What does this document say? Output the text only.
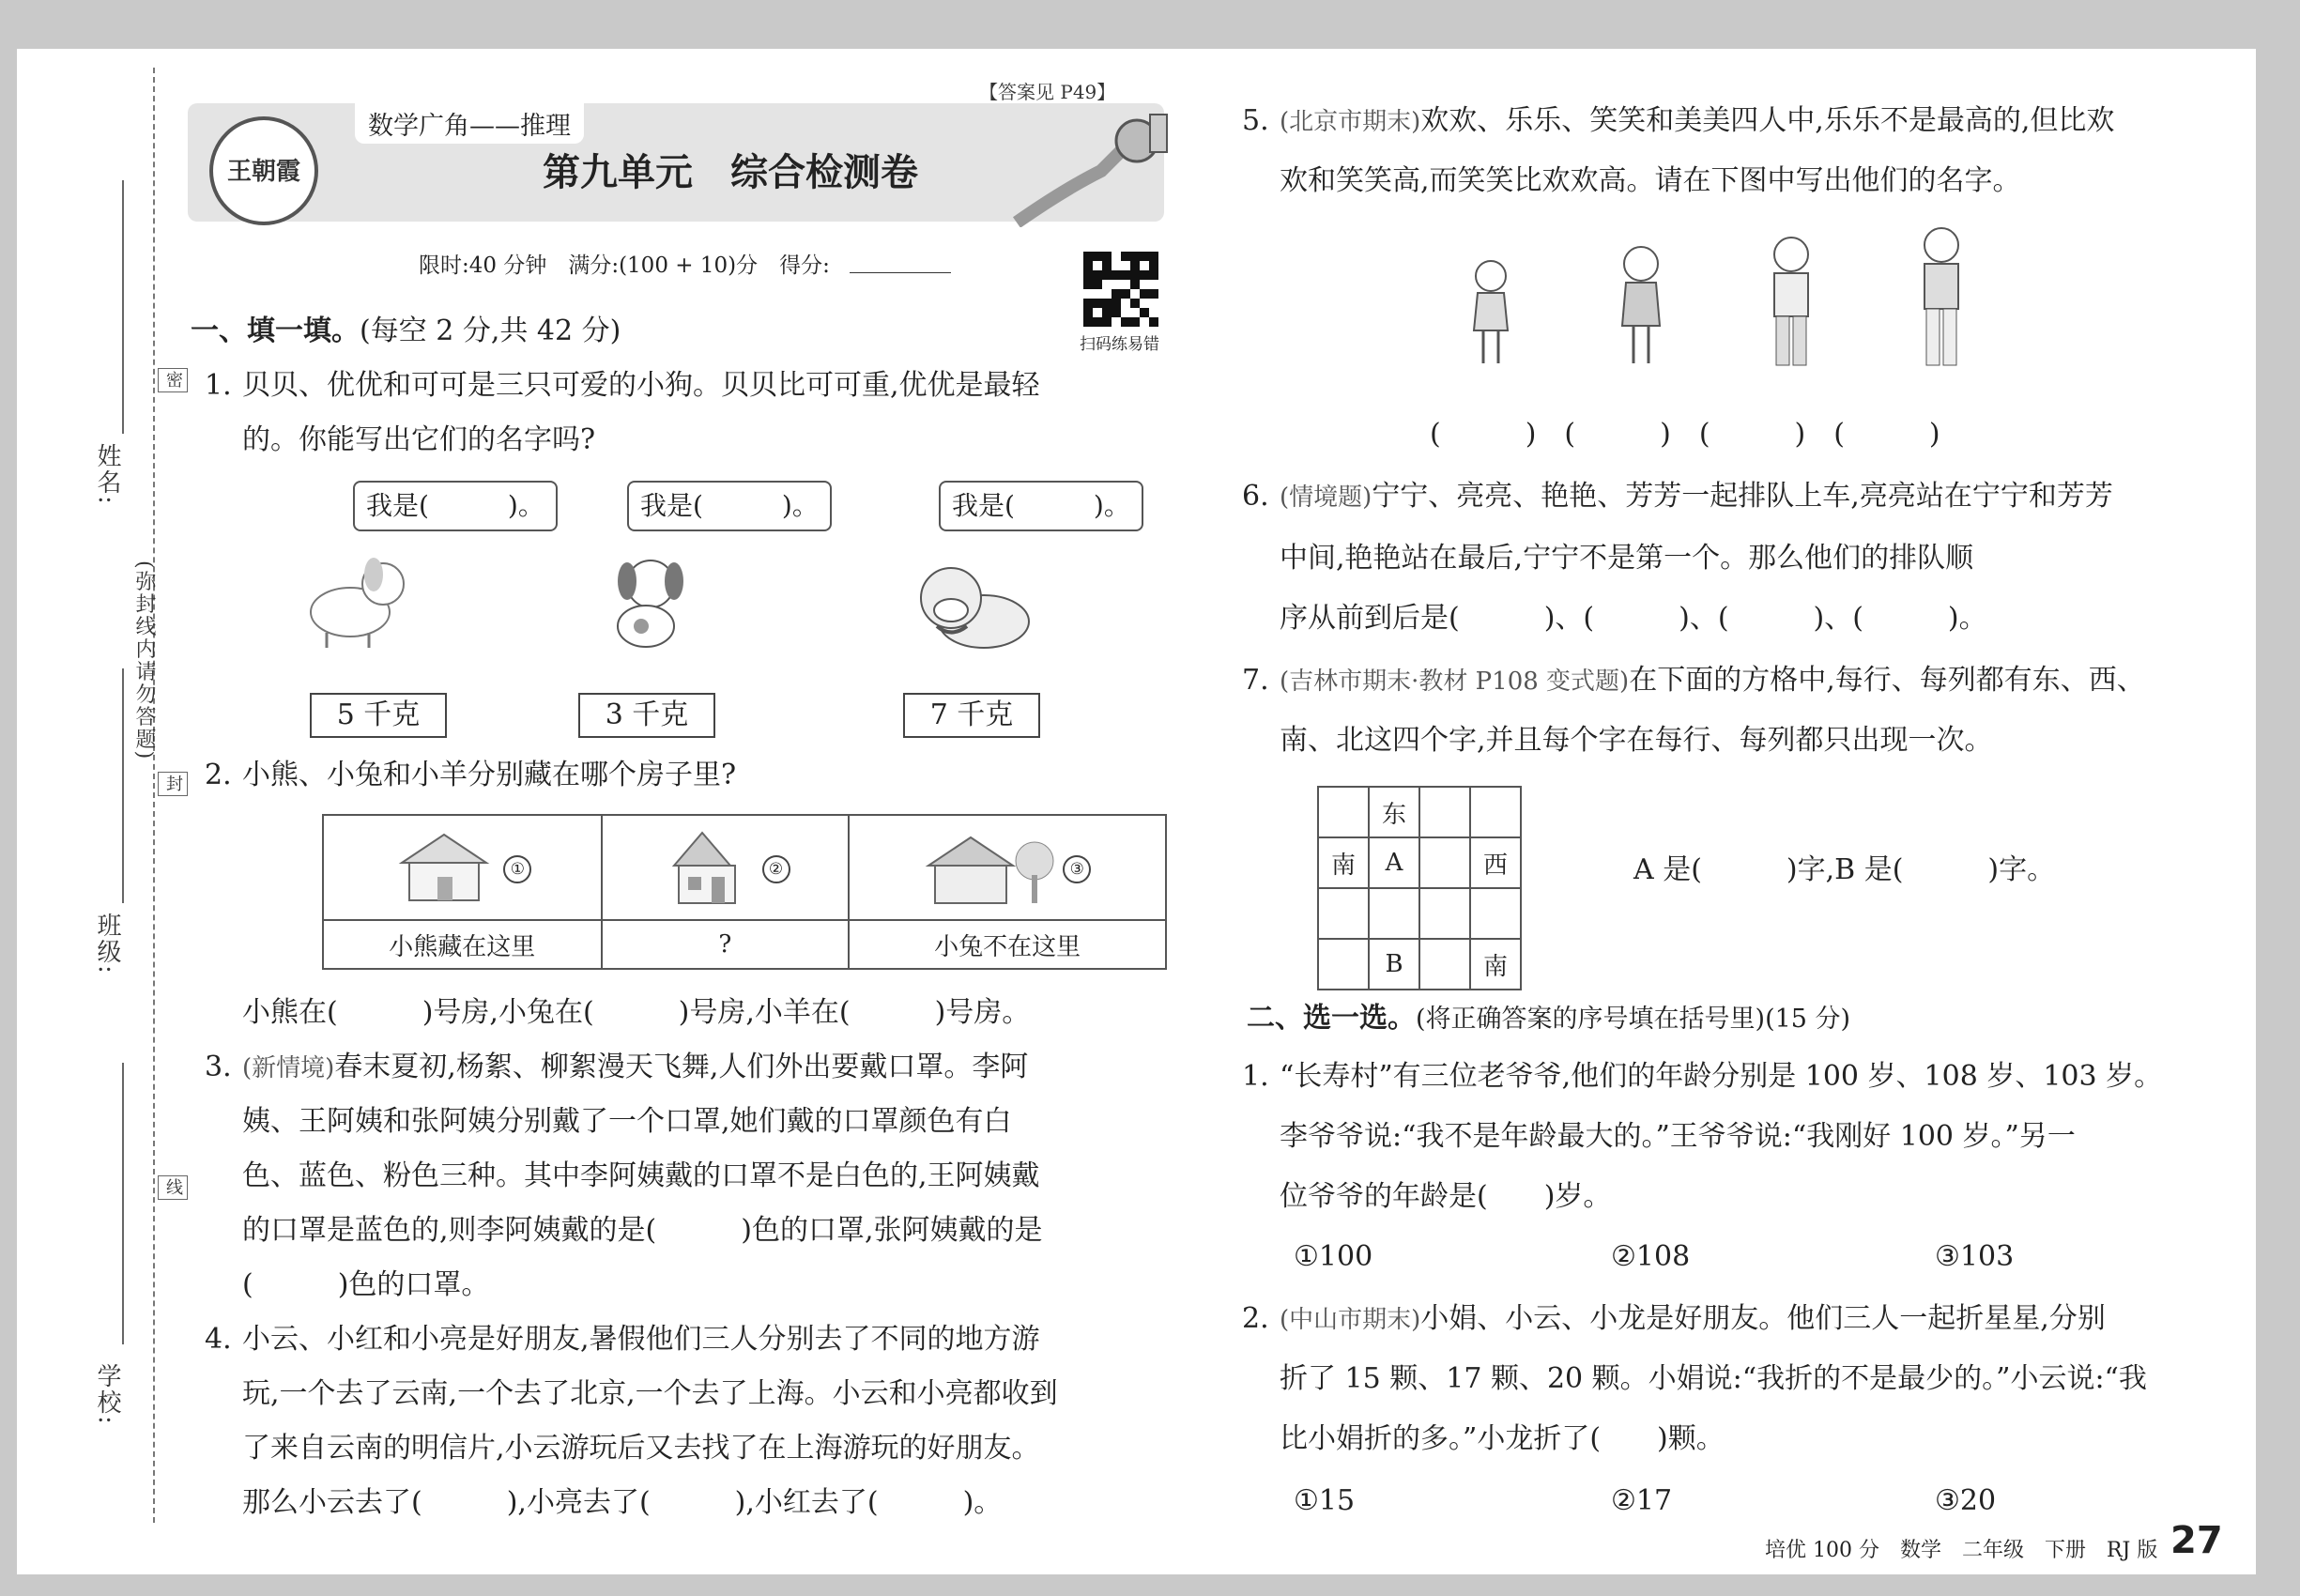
姓名:
(弥封线内请勿答题)
密
封
线
班级:
学校:
王朝霞
数学广角——推理
【答案见 P49】
第九单元　综合检测卷
限时:40 分钟　满分:(100 + 10)分　得分:
扫码练易错
一、填一填。(每空 2 分,共 42 分)
1. 贝贝、优优和可可是三只可爱的小狗。贝贝比可可重,优优是最轻
的。你能写出它们的名字吗?
我是(　　　)。	我是(　　　)。	我是(　　　)。
5 千克	3 千克	7 千克
2. 小熊、小兔和小羊分别藏在哪个房子里?
①	②	③
小熊藏在这里	?	小兔不在这里
小熊在(　　　)号房,小兔在(　　　)号房,小羊在(　　　)号房。
3. (新情境)春末夏初,杨絮、柳絮漫天飞舞,人们外出要戴口罩。李阿
姨、王阿姨和张阿姨分别戴了一个口罩,她们戴的口罩颜色有白
色、蓝色、粉色三种。其中李阿姨戴的口罩不是白色的,王阿姨戴
的口罩是蓝色的,则李阿姨戴的是(　　　)色的口罩,张阿姨戴的是
(　　　)色的口罩。
4. 小云、小红和小亮是好朋友,暑假他们三人分别去了不同的地方游
玩,一个去了云南,一个去了北京,一个去了上海。小云和小亮都收到
了来自云南的明信片,小云游玩后又去找了在上海游玩的好朋友。
那么小云去了(　　　),小亮去了(　　　),小红去了(　　　)。
5. (北京市期末)欢欢、乐乐、笑笑和美美四人中,乐乐不是最高的,但比欢
欢和笑笑高,而笑笑比欢欢高。请在下图中写出他们的名字。
(　　　)　(　　　)　(　　　)　(　　　)
6. (情境题)宁宁、亮亮、艳艳、芳芳一起排队上车,亮亮站在宁宁和芳芳
中间,艳艳站在最后,宁宁不是第一个。那么他们的排队顺
序从前到后是(　　　)、(　　　)、(　　　)、(　　　)。
7. (吉林市期末·教材 P108 变式题)在下面的方格中,每行、每列都有东、西、
南、北这四个字,并且每个字在每行、每列都只出现一次。
	东		
南	A		西

	B		南
A 是(　　　)字,B 是(　　　)字。
二、选一选。(将正确答案的序号填在括号里)(15 分)
1. “长寿村”有三位老爷爷,他们的年龄分别是 100 岁、108 岁、103 岁。
李爷爷说:“我不是年龄最大的。”王爷爷说:“我刚好 100 岁。”另一
位爷爷的年龄是(　　)岁。
①100	②108	③103
2. (中山市期末)小娟、小云、小龙是好朋友。他们三人一起折星星,分别
折了 15 颗、17 颗、20 颗。小娟说:“我折的不是最少的。”小云说:“我
比小娟折的多。”小龙折了(　　)颗。
①15	②17	③20
培优 100 分　数学　二年级　下册　RJ 版 27
